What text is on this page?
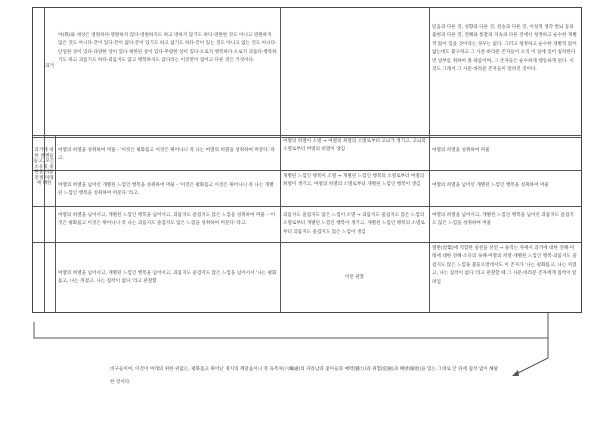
과거
과거에 대한 전쟁을 놓고, 모든 소유의 축원을 비틀 전쟁 미래에 대한
아(我)와 세상은 영원하다·영원하지 않다·영원하지도 하고 영하지 않기도 하다·영원한 것도 아니고 영원하지 않은 것도 아니다·끝이 있다·끝이 없다·끝이 있기도 하고 없기도 하다·끝이 있는 것도 아니고 없는 것도 아니다·단일한 상이 있다·다양한 상이 있다·제한된 상이 있다·무량한 상이 있다·오로지 행복하다·오로지 괴롭다·행복하기도 하고 괴롭기도 하다·괴롭지도 않고 행복하지도 않다라는 이것만이 참이고 다른 것은 거짓이다.
믿음과 다른 것, 성향과 다른 것, 전승과 다른 것, 이성적 생각 번뇌 등의 출현과 다른 것, 견해와 통찰의 지속과 다른 것에서 청정하고 순수한 개별적 앎이 있을 것이라는 경우는 없다. 그러고 청정하고 순수한 개별적 앎이 없는데도 붙구하고 그 사문·바라문 존자들이 오직 이 일에 있어 집착한다면 일부를 취하여 볼 따름이며, 그 존자들은 순수하게 행동하게 된다. 이것도 그래서 그 사문·바라문 존자들이 알려진 것이다.
여열의 희열을 성취하여 머물 - '이것은 평화롭고 이것은 뛰어나니 즉 나는 여열의 희열을 성취하여 머문다.'라고.
여열의 희열이 소멸 → 여열의 희열의 소멸로부터 고뇌가 생기고, 고뇌의 소멸로부터 여열의 희열이 생김	여열의 희열을 성취하여 머물
여열의 희열을 넘어선 개별된 느낌인 행복을 성취하여 머물 - '이것은 평화롭고 이것은 뛰어나니 즉 나는 개별된 느낌인 행복을 성취하여 머문다.'라고.
개별된 느낌인 행복이 소멸 → 개별된 느낌인 행복의 소멸로부터 여열의 희열이 생기고, 여열의 희열의 소멸로부터 개별된 느낌인 행복이 생김	여열의 희열을 넘어선 개별된 느낌인 행복을 성취하여 머물
여열의 희열을 넘어서고, 개별된 느낌인 행복을 넘어서고, 괴롭지도 즐겁지도 않은 느낌을 성취하여 머물 - '이것은 평화롭고 이것은 뛰어나니 즉 나는 괴롭지도 즐겁지도 않은 느낌을 성취하여 머문다.'라고.
괴롭지도 즐겁지도 않은 느낌이 소멸 → 괴롭지도 즐겁지도 않은 느낌의 소멸로부터 개별된 느낌인 행복이 생기고, 개별된 느낌인 행복의 소멸로부터 괴롭지도 즐겁지도 않은 느낌이 생김
여열의 희열을 넘어서고, 개별된 느낌인 행복을 넘어선 괴롭지도 즐겁지도 않은 느낌을 성취하여 머물
여열의 희열을 넘어서고, 개별된 느낌인 행복을 넘어서고, 괴롭지도 즐겁지도 않은 느낌을 넘어서서 '나는 평화롭고, 나는 꺼졌고, 나는 집착이 없다.'라고 관찰함
이런 관찰
열반(涅槃)에 적합한 실천을 선언 → 솔직는 자에서 과거에 대한 견해·미래에 대한 견해·소유의 속해·여열의 희열·개별된 느낌인 행복·괴롭지도 즐겁지도 않은 느낌을 불들으면데서도 이 존자가 '나는 평화롭고, 나는 꺼졌고, 나는 집착이 없다.'라고 관찰할 때 그 사문·바라문 존자에게 집착이 알려짐
비구들이여, 이것이 여래의 위한 위없는, 평화롭고 뛰어난 경지의 깨달음이니 즉 육촉처(六觸處)의 자라남과 좋아들과 매력(魅力)과 위험(危險)과 해방(解放)을 있는 그대로 안 뒤에 집착 없이 해탈한 것이다.
